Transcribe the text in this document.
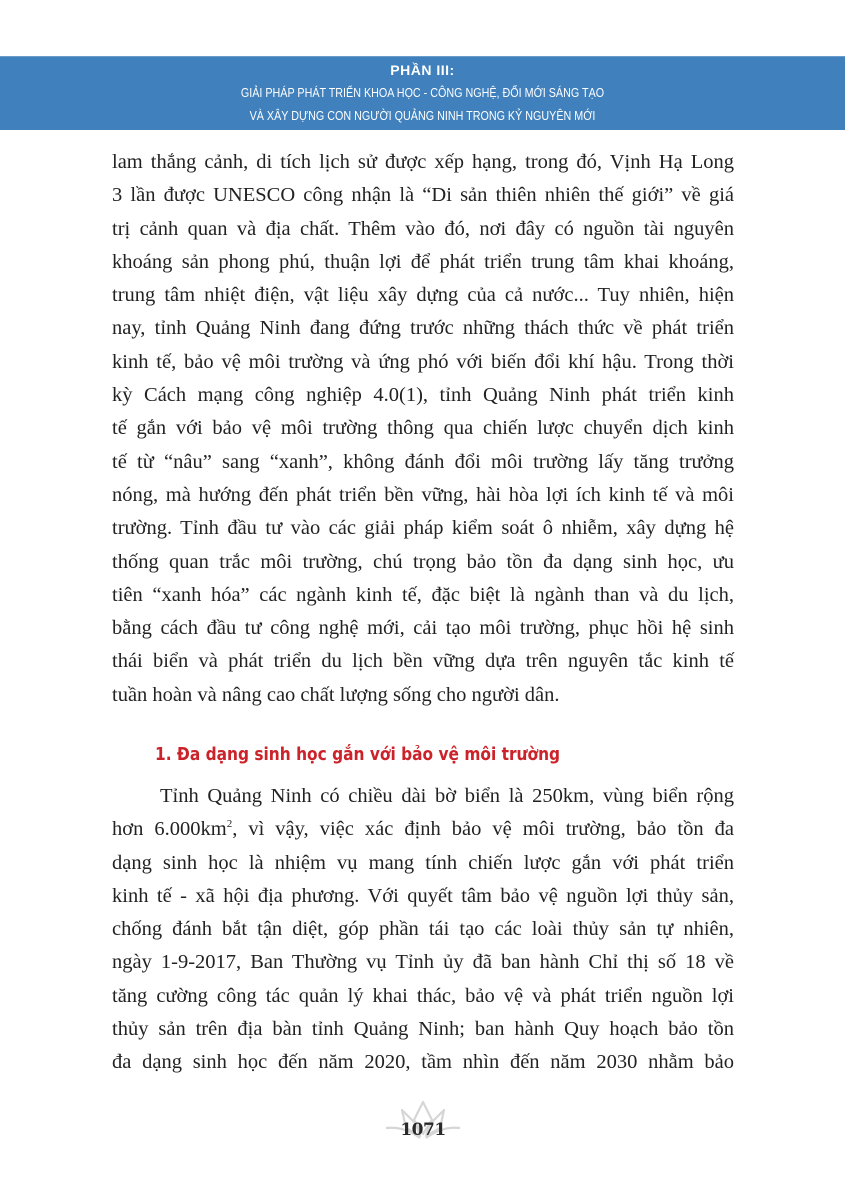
PHẦN III:
GIẢI PHÁP PHÁT TRIỂN KHOA HỌC - CÔNG NGHỆ, ĐỔI MỚI SÁNG TẠO
VÀ XÂY DỰNG CON NGƯỜI QUẢNG NINH TRONG KỶ NGUYÊN MỚI
lam thắng cảnh, di tích lịch sử được xếp hạng, trong đó, Vịnh Hạ Long
3 lần được UNESCO công nhận là “Di sản thiên nhiên thế giới” về giá
trị cảnh quan và địa chất. Thêm vào đó, nơi đây có nguồn tài nguyên
khoáng sản phong phú, thuận lợi để phát triển trung tâm khai khoáng,
trung tâm nhiệt điện, vật liệu xây dựng của cả nước... Tuy nhiên, hiện
nay, tỉnh Quảng Ninh đang đứng trước những thách thức về phát triển
kinh tế, bảo vệ môi trường và ứng phó với biến đổi khí hậu. Trong thời
kỳ Cách mạng công nghiệp 4.0(1), tỉnh Quảng Ninh phát triển kinh
tế gắn với bảo vệ môi trường thông qua chiến lược chuyển dịch kinh
tế từ “nâu” sang “xanh”, không đánh đổi môi trường lấy tăng trưởng
nóng, mà hướng đến phát triển bền vững, hài hòa lợi ích kinh tế và môi
trường. Tỉnh đầu tư vào các giải pháp kiểm soát ô nhiễm, xây dựng hệ
thống quan trắc môi trường, chú trọng bảo tồn đa dạng sinh học, ưu
tiên “xanh hóa” các ngành kinh tế, đặc biệt là ngành than và du lịch,
bằng cách đầu tư công nghệ mới, cải tạo môi trường, phục hồi hệ sinh
thái biển và phát triển du lịch bền vững dựa trên nguyên tắc kinh tế
tuần hoàn và nâng cao chất lượng sống cho người dân.
1. Đa dạng sinh học gắn với bảo vệ môi trường
Tỉnh Quảng Ninh có chiều dài bờ biển là 250km, vùng biển rộng
hơn $6.000km^2$, vì vậy, việc xác định bảo vệ môi trường, bảo tồn đa
dạng sinh học là nhiệm vụ mang tính chiến lược gắn với phát triển
kinh tế - xã hội địa phương. Với quyết tâm bảo vệ nguồn lợi thủy sản,
chống đánh bắt tận diệt, góp phần tái tạo các loài thủy sản tự nhiên,
ngày 1-9-2017, Ban Thường vụ Tỉnh ủy đã ban hành Chỉ thị số 18 về
tăng cường công tác quản lý khai thác, bảo vệ và phát triển nguồn lợi
thủy sản trên địa bàn tỉnh Quảng Ninh; ban hành Quy hoạch bảo tồn
đa dạng sinh học đến năm 2020, tầm nhìn đến năm 2030 nhằm bảo
1071
